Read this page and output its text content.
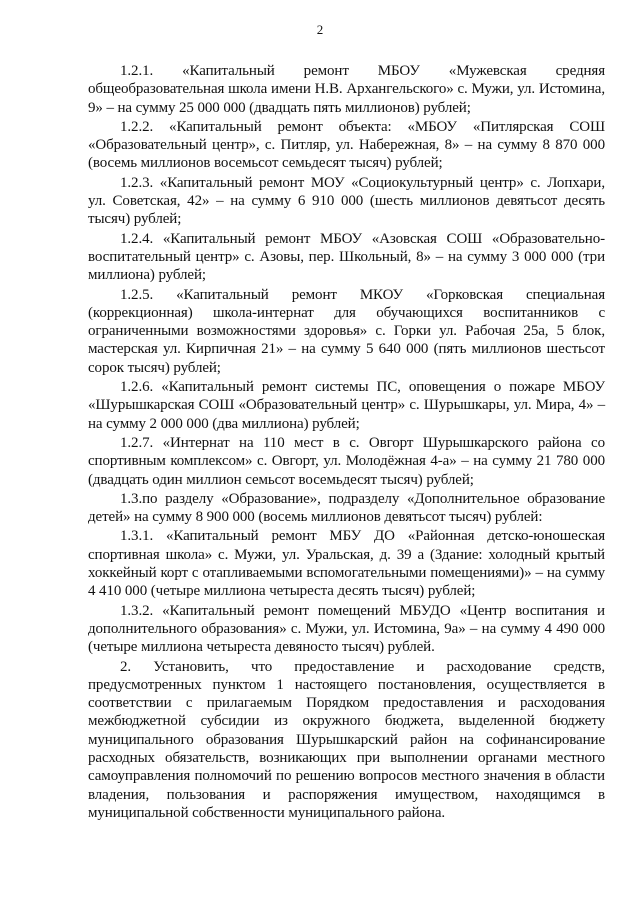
2

1.2.1. «Капитальный ремонт МБОУ «Мужевская средняя общеобразовательная школа имени Н.В. Архангельского» с. Мужи, ул. Истомина, 9» – на сумму 25 000 000 (двадцать пять миллионов) рублей;

1.2.2. «Капитальный ремонт объекта: «МБОУ «Питлярская СОШ «Образовательный центр», с. Питляр, ул. Набережная, 8» – на сумму 8 870 000 (восемь миллионов восемьсот семьдесят тысяч) рублей;

1.2.3. «Капитальный ремонт МОУ «Социокультурный центр» с. Лопхари, ул. Советская, 42» – на сумму 6 910 000 (шесть миллионов девятьсот десять тысяч) рублей;

1.2.4. «Капитальный ремонт МБОУ «Азовская СОШ «Образовательно-воспитательный центр» с. Азовы, пер. Школьный, 8» – на сумму 3 000 000 (три миллиона) рублей;

1.2.5. «Капитальный ремонт МКОУ «Горковская специальная (коррекционная) школа-интернат для обучающихся воспитанников с ограниченными возможностями здоровья» с. Горки ул. Рабочая 25а, 5 блок, мастерская ул. Кирпичная 21» – на сумму 5 640 000 (пять миллионов шестьсот сорок тысяч) рублей;

1.2.6. «Капитальный ремонт системы ПС, оповещения о пожаре МБОУ «Шурышкарская СОШ «Образовательный центр» с. Шурышкары, ул. Мира, 4» – на сумму 2 000 000 (два миллиона) рублей;

1.2.7. «Интернат на 110 мест в с. Овгорт Шурышкарского района со спортивным комплексом» с. Овгорт, ул. Молодёжная 4-а» – на сумму 21 780 000 (двадцать один миллион семьсот восемьдесят тысяч) рублей;

1.3.по разделу «Образование», подразделу «Дополнительное образование детей» на сумму 8 900 000 (восемь миллионов девятьсот тысяч) рублей:

1.3.1. «Капитальный ремонт МБУ ДО «Районная детско-юношеская спортивная школа» с. Мужи, ул. Уральская, д. 39 а (Здание: холодный крытый хоккейный корт с отапливаемыми вспомогательными помещениями)» – на сумму 4 410 000 (четыре миллиона четыреста десять тысяч) рублей;

1.3.2. «Капитальный ремонт помещений МБУДО «Центр воспитания и дополнительного образования» с. Мужи, ул. Истомина, 9а» – на сумму 4 490 000 (четыре миллиона четыреста девяносто тысяч) рублей.

2. Установить, что предоставление и расходование средств, предусмотренных пунктом 1 настоящего постановления, осуществляется в соответствии с прилагаемым Порядком предоставления и расходования межбюджетной субсидии из окружного бюджета, выделенной бюджету муниципального образования Шурышкарский район на софинансирование расходных обязательств, возникающих при выполнении органами местного самоуправления полномочий по решению вопросов местного значения в области владения, пользования и распоряжения имуществом, находящимся в муниципальной собственности муниципального района.
